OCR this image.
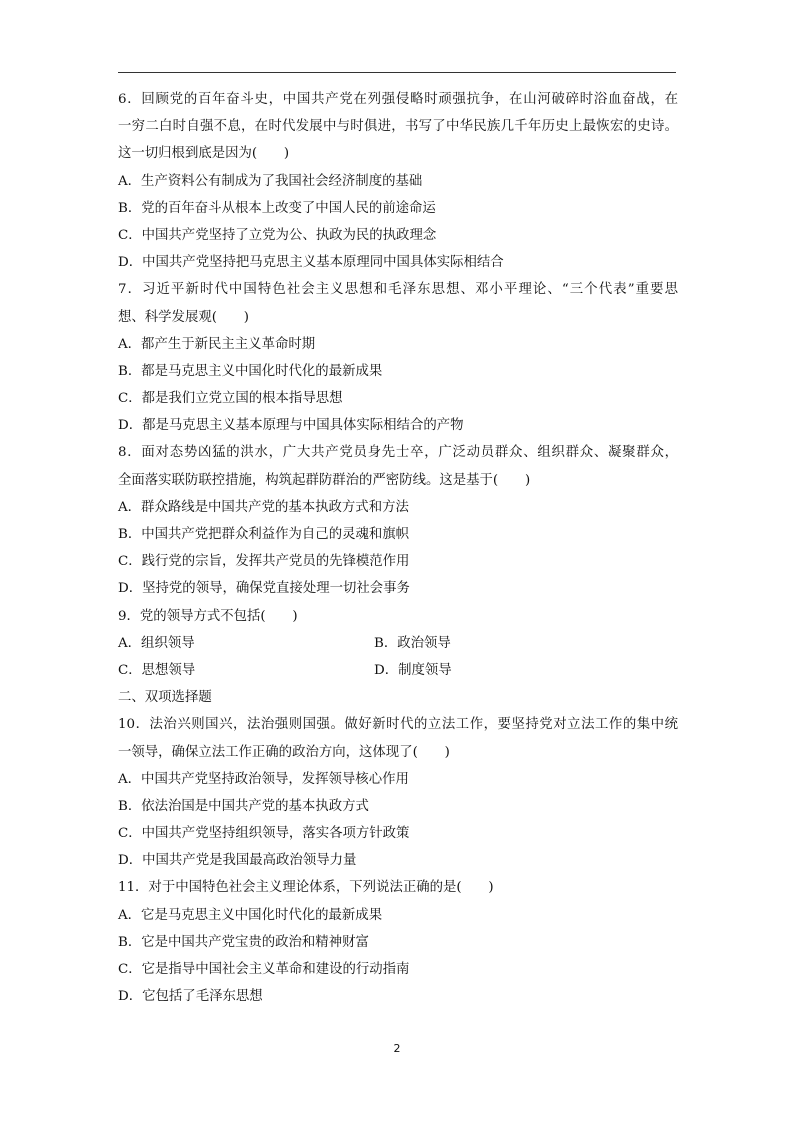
6．回顾党的百年奋斗史，中国共产党在列强侵略时顽强抗争，在山河破碎时浴血奋战，在
一穷二白时自强不息，在时代发展中与时俱进，书写了中华民族几千年历史上最恢宏的史诗。
这一切归根到底是因为(　　)
A．生产资料公有制成为了我国社会经济制度的基础
B．党的百年奋斗从根本上改变了中国人民的前途命运
C．中国共产党坚持了立党为公、执政为民的执政理念
D．中国共产党坚持把马克思主义基本原理同中国具体实际相结合
7．习近平新时代中国特色社会主义思想和毛泽东思想、邓小平理论、“三个代表”重要思
想、科学发展观(　　)
A．都产生于新民主主义革命时期
B．都是马克思主义中国化时代化的最新成果
C．都是我们立党立国的根本指导思想
D．都是马克思主义基本原理与中国具体实际相结合的产物
8．面对态势凶猛的洪水，广大共产党员身先士卒，广泛动员群众、组织群众、凝聚群众，
全面落实联防联控措施，构筑起群防群治的严密防线。这是基于(　　)
A．群众路线是中国共产党的基本执政方式和方法
B．中国共产党把群众利益作为自己的灵魂和旗帜
C．践行党的宗旨，发挥共产党员的先锋模范作用
D．坚持党的领导，确保党直接处理一切社会事务
9．党的领导方式不包括(　　)
A．组织领导	B．政治领导
C．思想领导	D．制度领导
二、双项选择题
10．法治兴则国兴，法治强则国强。做好新时代的立法工作，要坚持党对立法工作的集中统
一领导，确保立法工作正确的政治方向，这体现了(　　)
A．中国共产党坚持政治领导，发挥领导核心作用
B．依法治国是中国共产党的基本执政方式
C．中国共产党坚持组织领导，落实各项方针政策
D．中国共产党是我国最高政治领导力量
11．对于中国特色社会主义理论体系，下列说法正确的是(　　)
A．它是马克思主义中国化时代化的最新成果
B．它是中国共产党宝贵的政治和精神财富
C．它是指导中国社会主义革命和建设的行动指南
D．它包括了毛泽东思想
2
